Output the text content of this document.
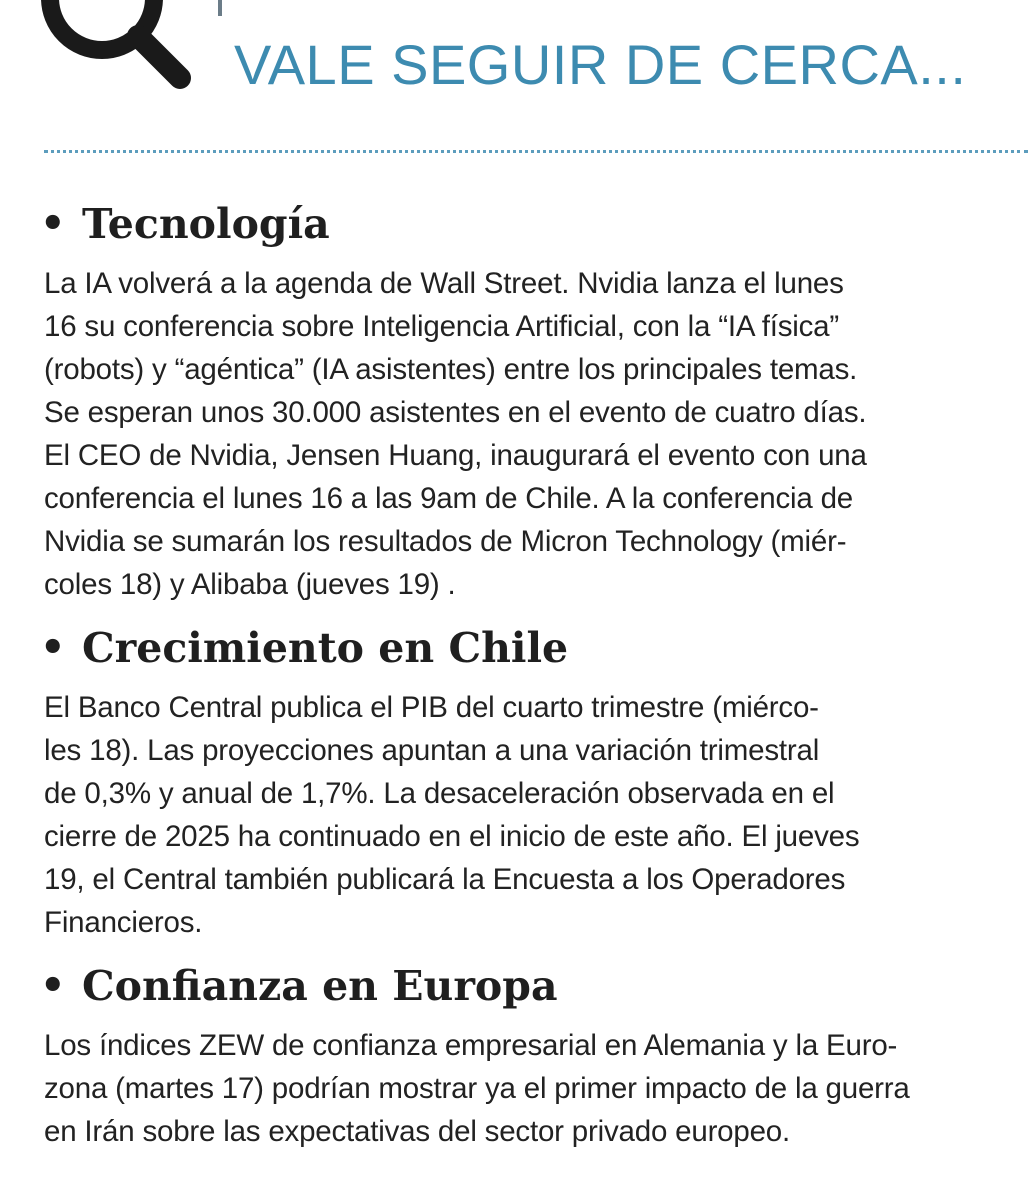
VALE SEGUIR DE CERCA...
• Tecnología

La IA volverá a la agenda de Wall Street. Nvidia lanza el lunes
16 su conferencia sobre Inteligencia Artificial, con la “IA física”
(robots) y “agéntica” (IA asistentes) entre los principales temas.
Se esperan unos 30.000 asistentes en el evento de cuatro días.
El CEO de Nvidia, Jensen Huang, inaugurará el evento con una
conferencia el lunes 16 a las 9am de Chile. A la conferencia de
Nvidia se sumarán los resultados de Micron Technology (miér-
coles 18) y Alibaba (jueves 19) .

• Crecimiento en Chile

El Banco Central publica el PIB del cuarto trimestre (miérco-
les 18). Las proyecciones apuntan a una variación trimestral
de 0,3% y anual de 1,7%. La desaceleración observada en el
cierre de 2025 ha continuado en el inicio de este año. El jueves
19, el Central también publicará la Encuesta a los Operadores
Financieros.

• Confianza en Europa

Los índices ZEW de confianza empresarial en Alemania y la Euro-
zona (martes 17) podrían mostrar ya el primer impacto de la guerra
en Irán sobre las expectativas del sector privado europeo.
